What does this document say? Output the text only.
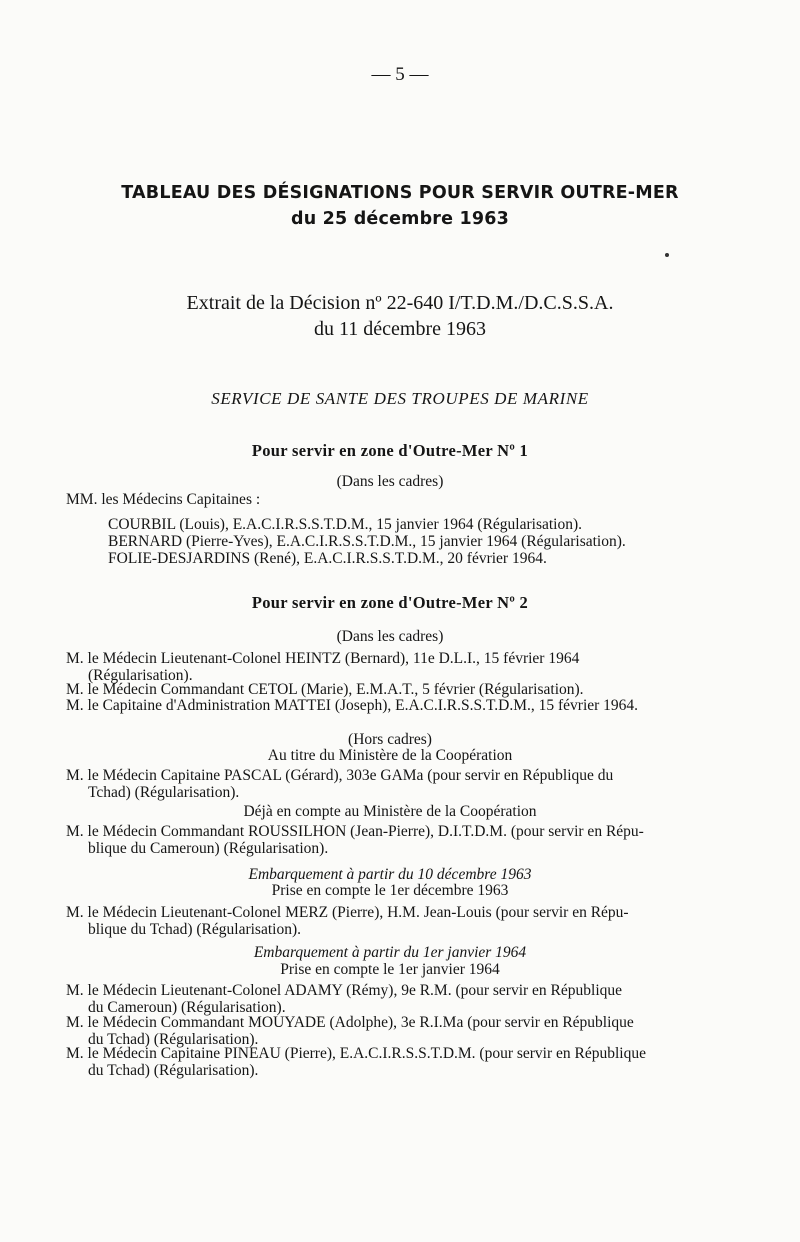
— 5 —
TABLEAU DES DÉSIGNATIONS POUR SERVIR OUTRE-MER
du 25 décembre 1963
Extrait de la Décision nº 22-640 I/T.D.M./D.C.S.S.A.
du 11 décembre 1963
SERVICE DE SANTE DES TROUPES DE MARINE
Pour servir en zone d'Outre-Mer Nº 1
(Dans les cadres)
MM. les Médecins Capitaines :
COURBIL (Louis), E.A.C.I.R.S.S.T.D.M., 15 janvier 1964 (Régularisation).
BERNARD (Pierre-Yves), E.A.C.I.R.S.S.T.D.M., 15 janvier 1964 (Régularisation).
FOLIE-DESJARDINS (René), E.A.C.I.R.S.S.T.D.M., 20 février 1964.
Pour servir en zone d'Outre-Mer Nº 2
(Dans les cadres)
M. le Médecin Lieutenant-Colonel HEINTZ (Bernard), 11e D.L.I., 15 février 1964
(Régularisation).
M. le Médecin Commandant CETOL (Marie), E.M.A.T., 5 février (Régularisation).
M. le Capitaine d'Administration MATTEI (Joseph), E.A.C.I.R.S.S.T.D.M., 15 février 1964.
(Hors cadres)
Au titre du Ministère de la Coopération
M. le Médecin Capitaine PASCAL (Gérard), 303e GAMa (pour servir en République du
Tchad) (Régularisation).
Déjà en compte au Ministère de la Coopération
M. le Médecin Commandant ROUSSILHON (Jean-Pierre), D.I.T.D.M. (pour servir en Répu-
blique du Cameroun) (Régularisation).
Embarquement à partir du 10 décembre 1963
Prise en compte le 1er décembre 1963
M. le Médecin Lieutenant-Colonel MERZ (Pierre), H.M. Jean-Louis (pour servir en Répu-
blique du Tchad) (Régularisation).
Embarquement à partir du 1er janvier 1964
Prise en compte le 1er janvier 1964
M. le Médecin Lieutenant-Colonel ADAMY (Rémy), 9e R.M. (pour servir en République
du Cameroun) (Régularisation).
M. le Médecin Commandant MOUYADE (Adolphe), 3e R.I.Ma (pour servir en République
du Tchad) (Régularisation).
M. le Médecin Capitaine PINEAU (Pierre), E.A.C.I.R.S.S.T.D.M. (pour servir en République
du Tchad) (Régularisation).
